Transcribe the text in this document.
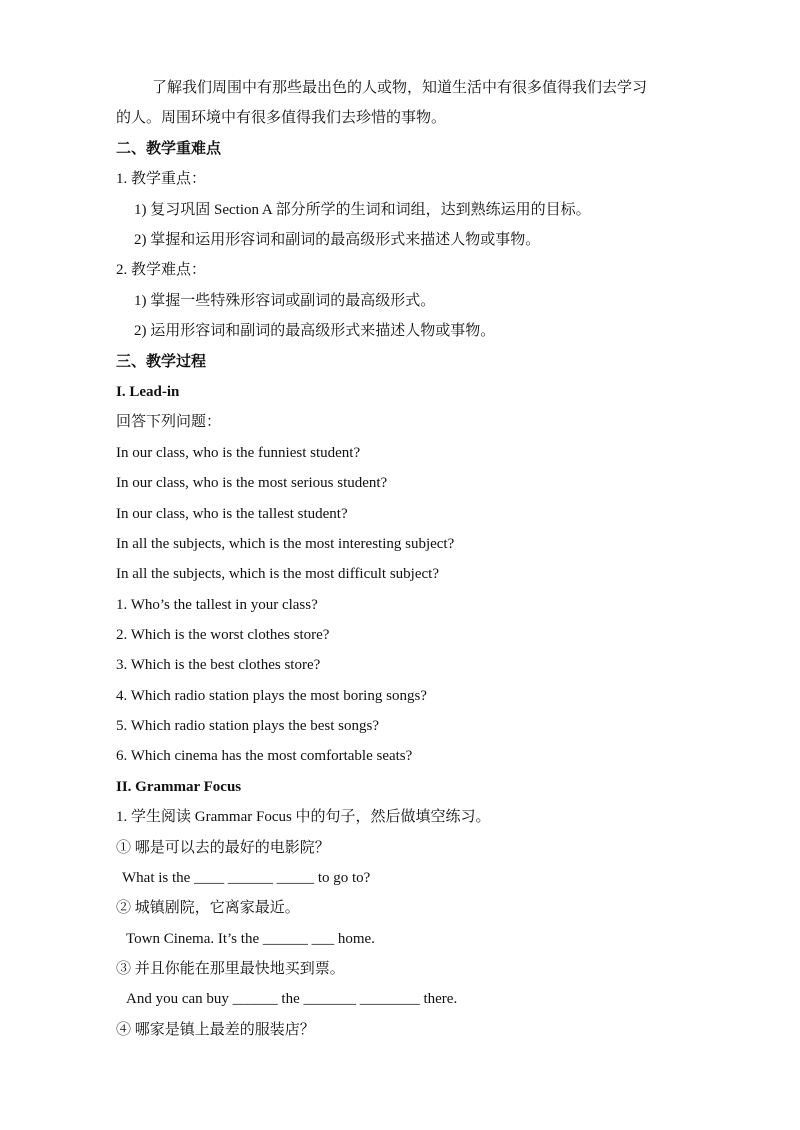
了解我们周围中有那些最出色的人或物，知道生活中有很多值得我们去学习
的人。周围环境中有很多值得我们去珍惜的事物。
二、教学重难点
1. 教学重点：
1) 复习巩固 Section A 部分所学的生词和词组，达到熟练运用的目标。
2) 掌握和运用形容词和副词的最高级形式来描述人物或事物。
2. 教学难点：
1) 掌握一些特殊形容词或副词的最高级形式。
2) 运用形容词和副词的最高级形式来描述人物或事物。
三、教学过程
I. Lead-in
回答下列问题：
In our class, who is the funniest student?
In our class, who is the most serious student?
In our class, who is the tallest student?
In all the subjects, which is the most interesting subject?
In all the subjects, which is the most difficult subject?
1. Who’s the tallest in your class?
2. Which is the worst clothes store?
3. Which is the best clothes store?
4. Which radio station plays the most boring songs?
5. Which radio station plays the best songs?
6. Which cinema has the most comfortable seats?
II. Grammar Focus
1. 学生阅读 Grammar Focus 中的句子，然后做填空练习。
① 哪是可以去的最好的电影院？
What is the ____ ______ _____ to go to?
② 城镇剧院，它离家最近。
Town Cinema. It’s the ______ ___ home.
③ 并且你能在那里最快地买到票。
And you can buy ______ the _______ ________ there.
④ 哪家是镇上最差的服装店？
